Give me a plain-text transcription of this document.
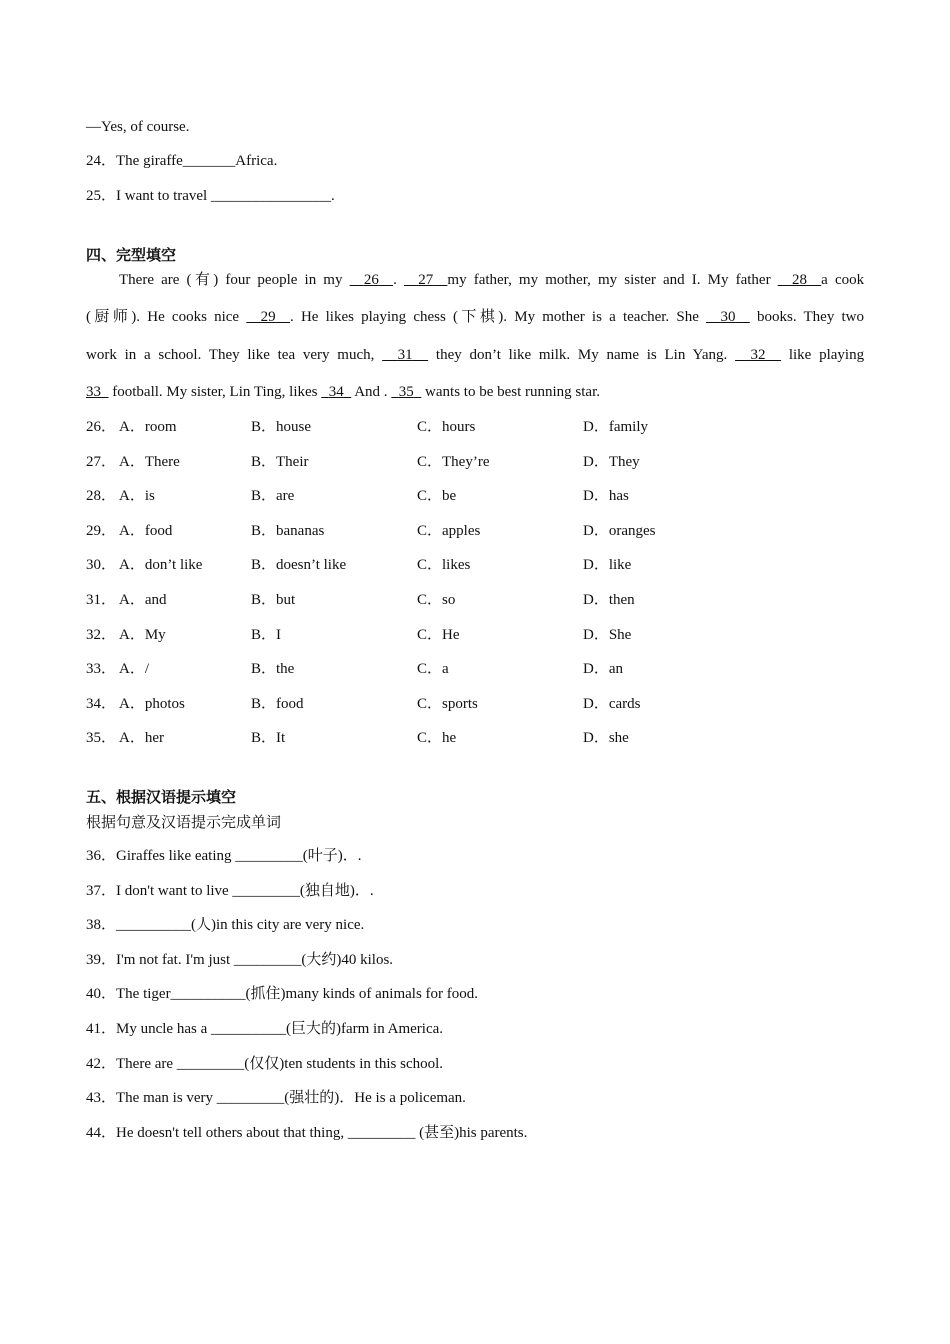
—Yes, of course.
24．The giraffe_______Africa.
25．I want to travel ________________.
四、完型填空
There are (有) four people in my 26 . 27 my father, my mother, my sister and I. My father 28 a cook
(厨师). He cooks nice 29 . He likes playing chess (下棋). My mother is a teacher. She 30 books. They two
work in a school. They like tea very much, 31 they don’t like milk. My name is Lin Yang. 32 like playing
33 football. My sister, Lin Ting, likes 34 And . 35 wants to be best running star.
26． A．room	B．house	C．hours	D．family
27． A．There	B．Their	C．They’re	D．They
28． A．is	B．are	C．be	D．has
29． A．food	B．bananas	C．apples	D．oranges
30． A．don’t like	B．doesn’t like	C．likes	D．like
31． A．and	B．but	C．so	D．then
32． A．My	B．I	C．He	D．She
33． A．/	B．the	C．a	D．an
34． A．photos	B．food	C．sports	D．cards
35． A．her	B．It	C．he	D．she
五、根据汉语提示填空
根据句意及汉语提示完成单词
36．Giraffes like eating _________(叶子)．.
37．I don't want to live _________(独自地)．.
38．__________(人)in this city are very nice.
39．I'm not fat. I'm just _________(大约)40 kilos.
40．The tiger__________(抓住)many kinds of animals for food.
41．My uncle has a __________(巨大的)farm in America.
42．There are _________(仅仅)ten students in this school.
43．The man is very _________(强壮的)．He is a policeman.
44．He doesn't tell others about that thing, _________ (甚至)his parents.
